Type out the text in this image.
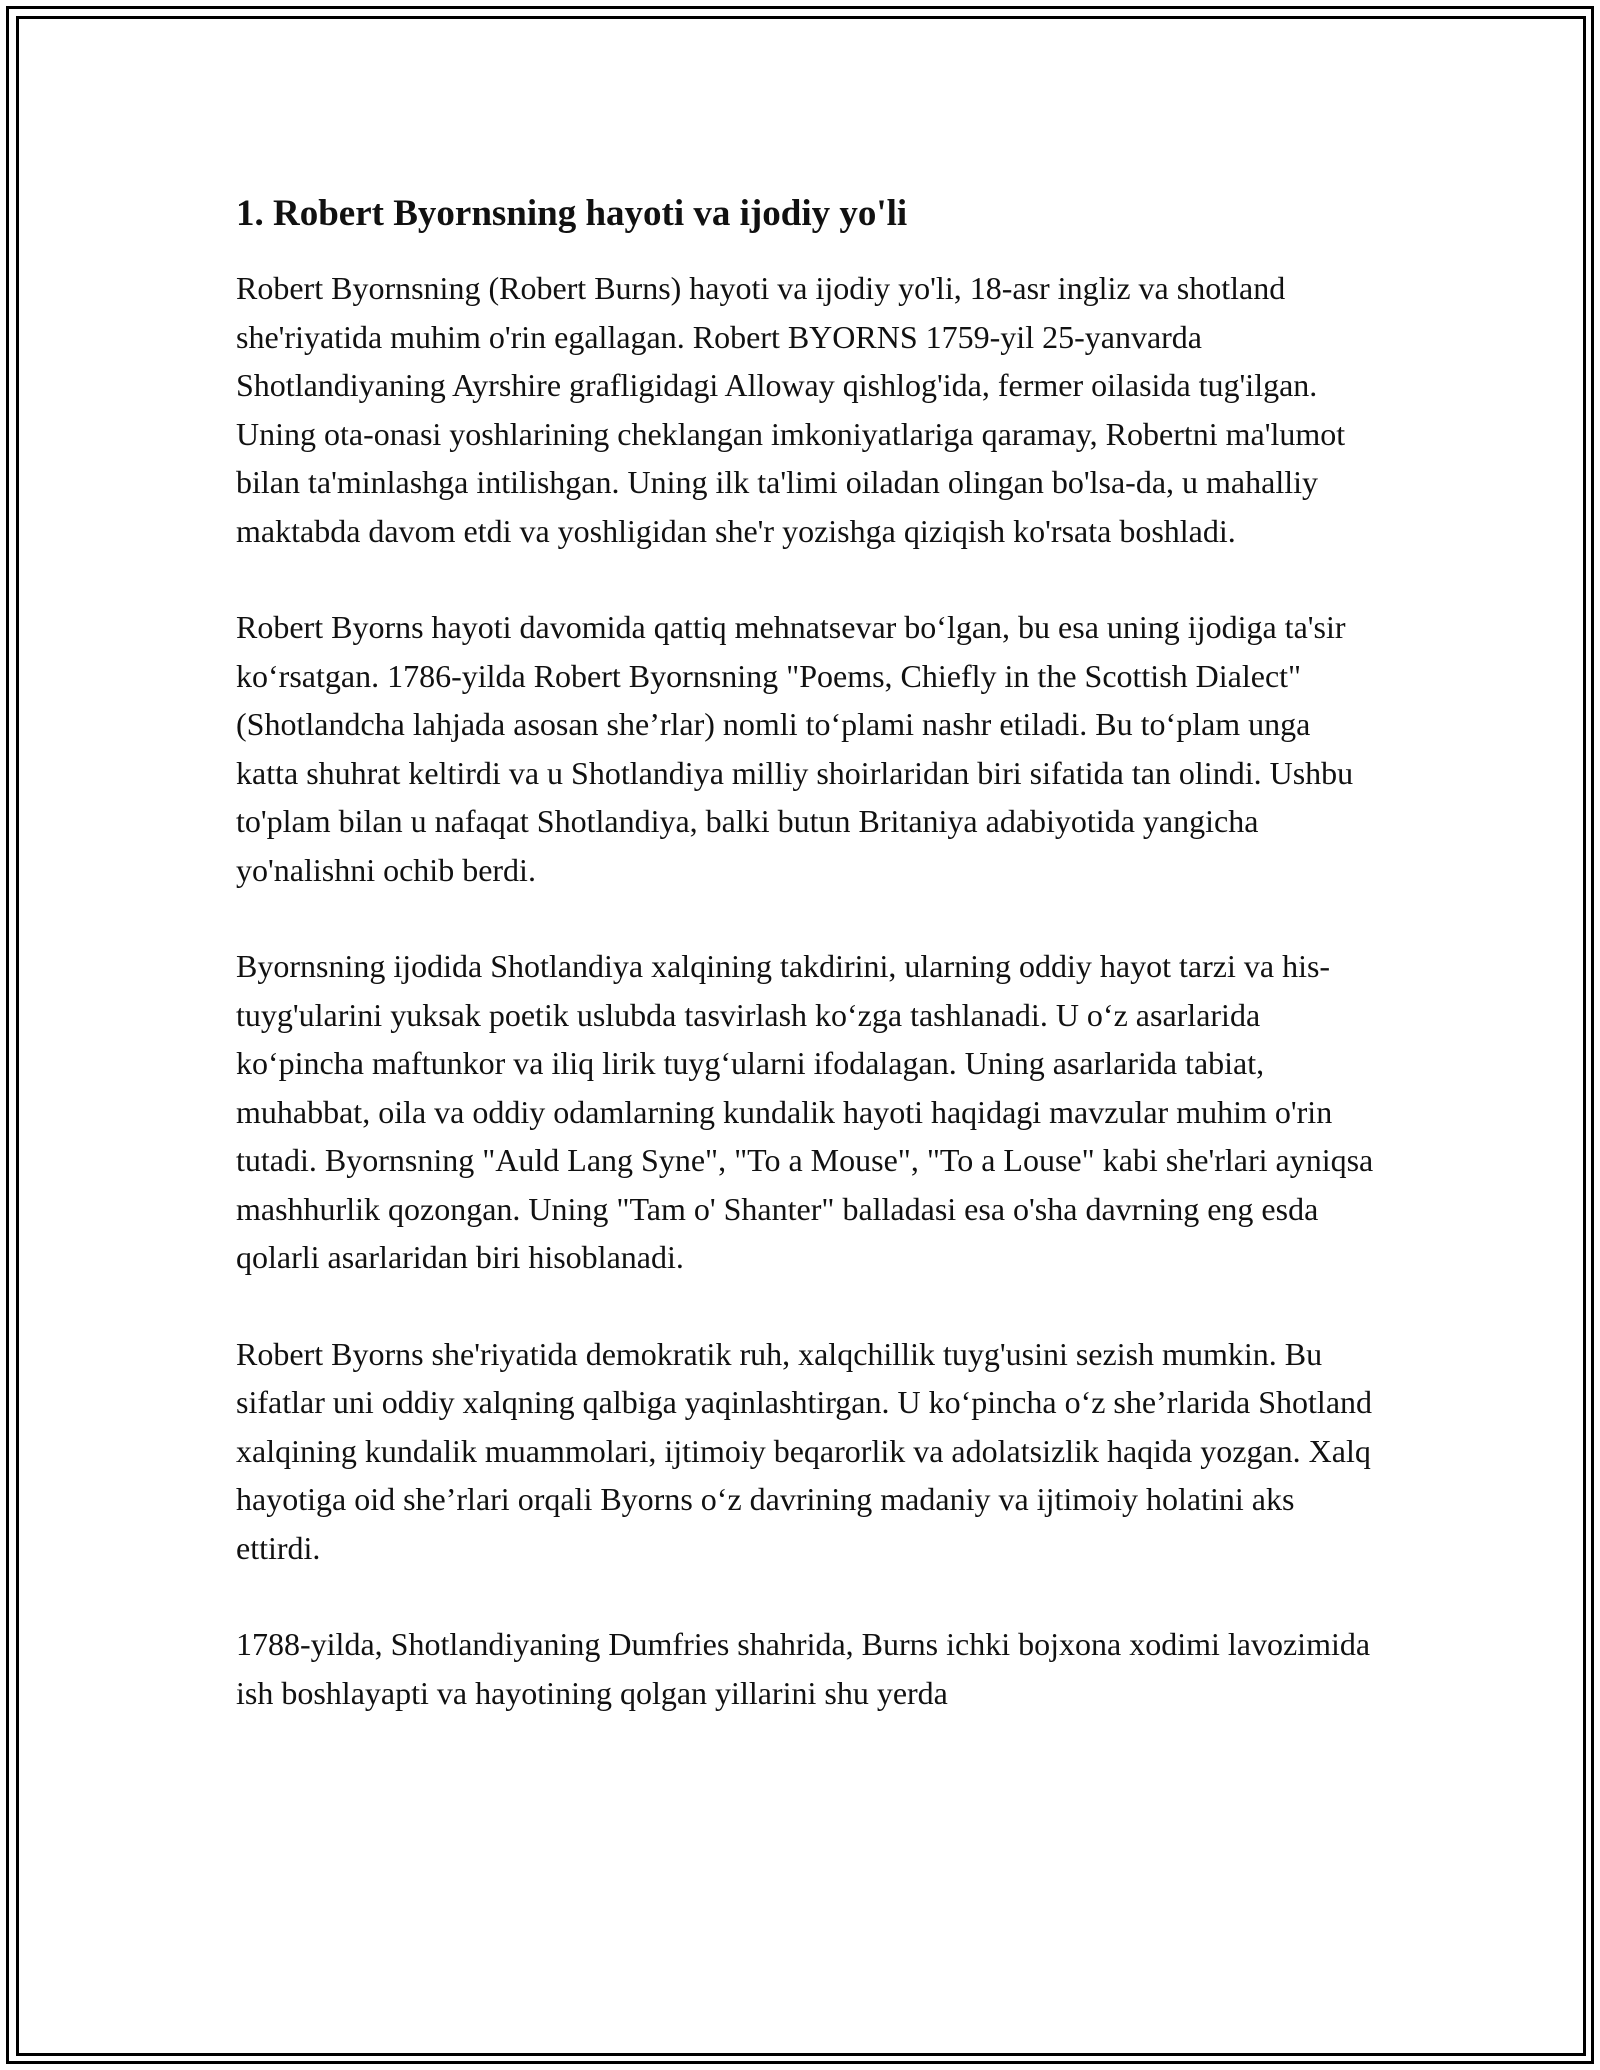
1. Robert Byornsning hayoti va ijodiy yo'li

Robert Byornsning (Robert Burns) hayoti va ijodiy yo'li, 18-asr ingliz va shotland she'riyatida muhim o'rin egallagan. Robert BYORNS 1759-yil 25-yanvarda Shotlandiyaning Ayrshire grafligidagi Alloway qishlog'ida, fermer oilasida tug'ilgan. Uning ota-onasi yoshlarining cheklangan imkoniyatlariga qaramay, Robertni ma'lumot bilan ta'minlashga intilishgan. Uning ilk ta'limi oiladan olingan bo'lsa-da, u mahalliy maktabda davom etdi va yoshligidan she'r yozishga qiziqish ko'rsata boshladi.

Robert Byorns hayoti davomida qattiq mehnatsevar bo‘lgan, bu esa uning ijodiga ta'sir ko‘rsatgan. 1786-yilda Robert Byornsning "Poems, Chiefly in the Scottish Dialect" (Shotlandcha lahjada asosan she’rlar) nomli to‘plami nashr etiladi. Bu to‘plam unga katta shuhrat keltirdi va u Shotlandiya milliy shoirlaridan biri sifatida tan olindi. Ushbu to'plam bilan u nafaqat Shotlandiya, balki butun Britaniya adabiyotida yangicha yo'nalishni ochib berdi.

Byornsning ijodida Shotlandiya xalqining takdirini, ularning oddiy hayot tarzi va his-tuyg'ularini yuksak poetik uslubda tasvirlash ko‘zga tashlanadi. U o‘z asarlarida ko‘pincha maftunkor va iliq lirik tuyg‘ularni ifodalagan. Uning asarlarida tabiat, muhabbat, oila va oddiy odamlarning kundalik hayoti haqidagi mavzular muhim o'rin tutadi. Byornsning "Auld Lang Syne", "To a Mouse", "To a Louse" kabi she'rlari ayniqsa mashhurlik qozongan. Uning "Tam o' Shanter" balladasi esa o'sha davrning eng esda qolarli asarlaridan biri hisoblanadi.

Robert Byorns she'riyatida demokratik ruh, xalqchillik tuyg'usini sezish mumkin. Bu sifatlar uni oddiy xalqning qalbiga yaqinlashtirgan. U ko‘pincha o‘z she’rlarida Shotland xalqining kundalik muammolari, ijtimoiy beqarorlik va adolatsizlik haqida yozgan. Xalq hayotiga oid she’rlari orqali Byorns o‘z davrining madaniy va ijtimoiy holatini aks ettirdi.

1788-yilda, Shotlandiyaning Dumfries shahrida, Burns ichki bojxona xodimi lavozimida ish boshlayapti va hayotining qolgan yillarini shu yerda
